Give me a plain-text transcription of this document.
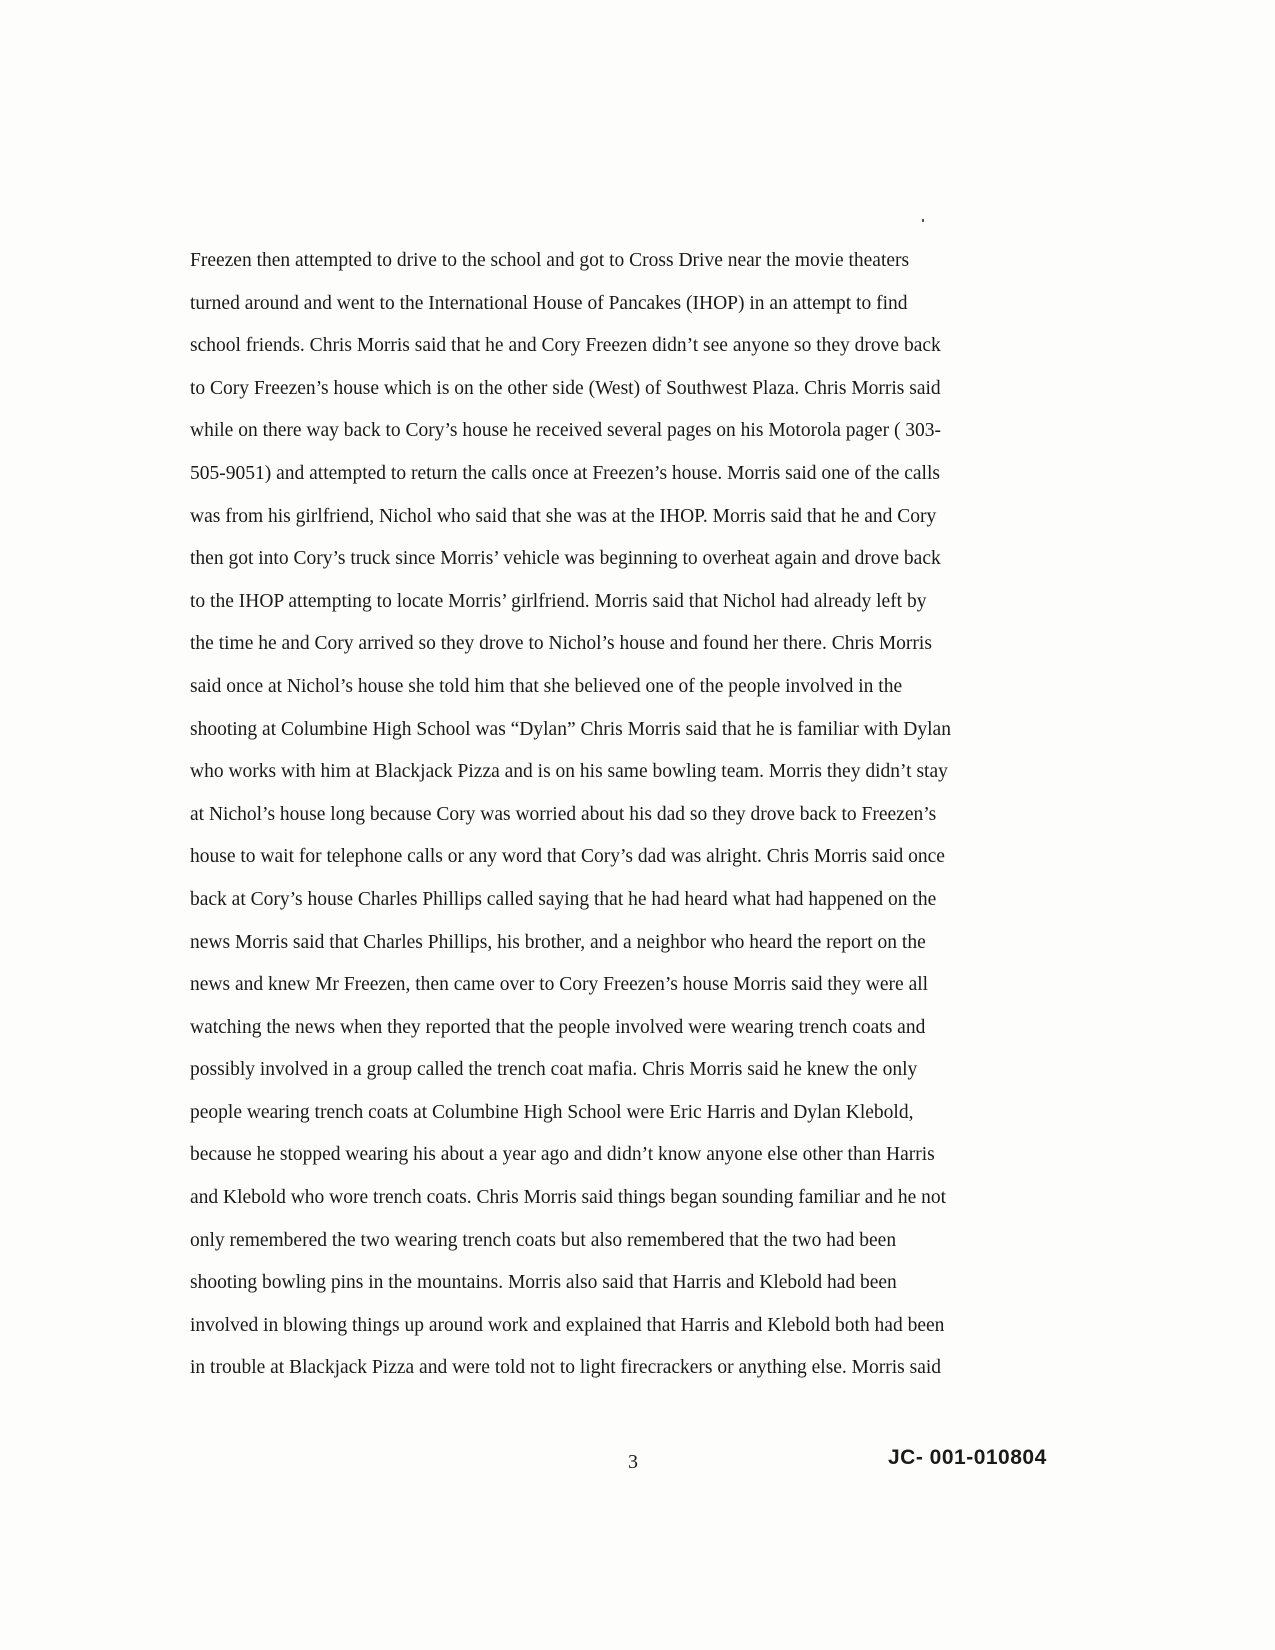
Freezen then attempted to drive to the school and got to Cross Drive near the movie theaters
turned around and went to the International House of Pancakes (IHOP) in an attempt to find
school friends. Chris Morris said that he and Cory Freezen didn’t see anyone so they drove back
to Cory Freezen’s house which is on the other side (West) of Southwest Plaza. Chris Morris said
while on there way back to Cory’s house he received several pages on his Motorola pager ( 303-
505-9051) and attempted to return the calls once at Freezen’s house. Morris said one of the calls
was from his girlfriend, Nichol who said that she was at the IHOP. Morris said that he and Cory
then got into Cory’s truck since Morris’ vehicle was beginning to overheat again and drove back
to the IHOP attempting to locate Morris’ girlfriend. Morris said that Nichol had already left by
the time he and Cory arrived so they drove to Nichol’s house and found her there. Chris Morris
said once at Nichol’s house she told him that she believed one of the people involved in the
shooting at Columbine High School was “Dylan” Chris Morris said that he is familiar with Dylan
who works with him at Blackjack Pizza and is on his same bowling team. Morris they didn’t stay
at Nichol’s house long because Cory was worried about his dad so they drove back to Freezen’s
house to wait for telephone calls or any word that Cory’s dad was alright. Chris Morris said once
back at Cory’s house Charles Phillips called saying that he had heard what had happened on the
news Morris said that Charles Phillips, his brother, and a neighbor who heard the report on the
news and knew Mr Freezen, then came over to Cory Freezen’s house Morris said they were all
watching the news when they reported that the people involved were wearing trench coats and
possibly involved in a group called the trench coat mafia. Chris Morris said he knew the only
people wearing trench coats at Columbine High School were Eric Harris and Dylan Klebold,
because he stopped wearing his about a year ago and didn’t know anyone else other than Harris
and Klebold who wore trench coats. Chris Morris said things began sounding familiar and he not
only remembered the two wearing trench coats but also remembered that the two had been
shooting bowling pins in the mountains. Morris also said that Harris and Klebold had been
involved in blowing things up around work and explained that Harris and Klebold both had been
in trouble at Blackjack Pizza and were told not to light firecrackers or anything else. Morris said
3	JC- 001-010804
